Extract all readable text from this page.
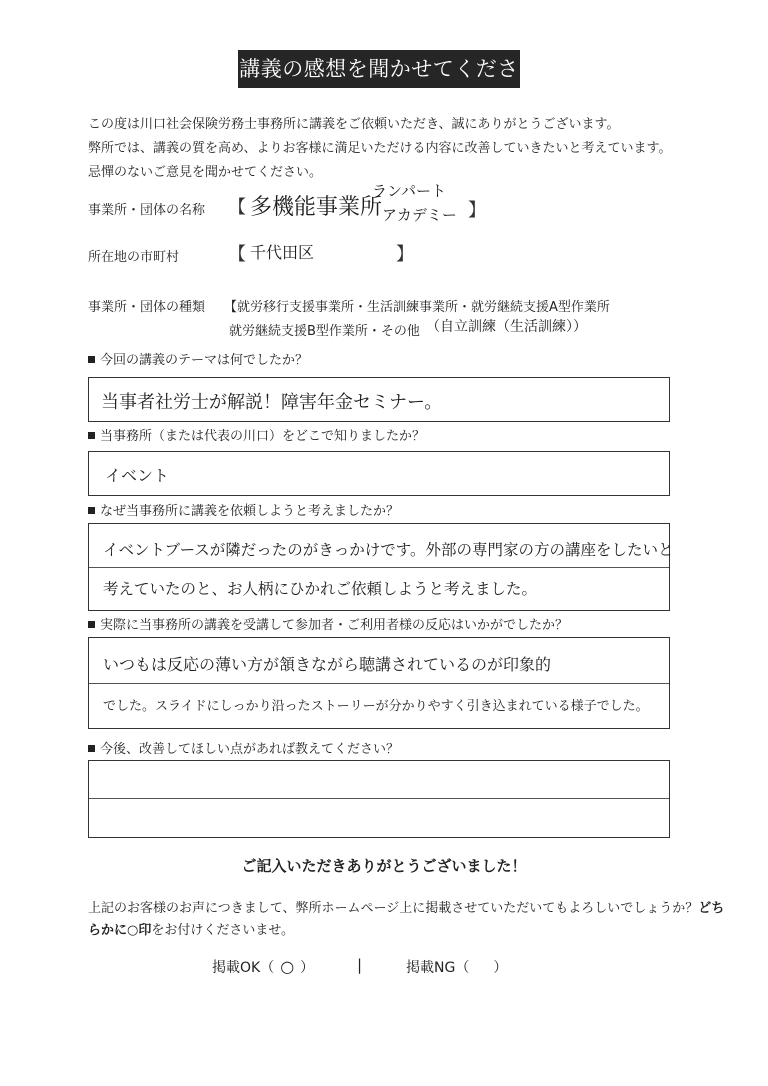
講義の感想を聞かせてください
この度は川口社会保険労務士事務所に講義をご依頼いただき、誠にありがとうございます。
弊所では、講義の質を高め、よりお客様に満足いただける内容に改善していきたいと考えています。
忌憚のないご意見を聞かせてください。
事業所・団体の名称 【 多機能事業所
ランパート
アカデミー 】
所在地の市町村	【 千代田区	】
事業所・団体の種類 【就労移行支援事業所・生活訓練事業所・就労継続支援A型作業所
就労継続支援B型作業所・その他 （自立訓練（生活訓練））
今回の講義のテーマは何でしたか？
当事者社労士が解説！障害年金セミナー。
当事務所（または代表の川口）をどこで知りましたか？
イベント
なぜ当事務所に講義を依頼しようと考えましたか？
イベントブースが隣だったのがきっかけです。外部の専門家の方の講座をしたいと
考えていたのと、お人柄にひかれご依頼しようと考えました。
実際に当事務所の講義を受講して参加者・ご利用者様の反応はいかがでしたか？
いつもは反応の薄い方が頷きながら聴講されているのが印象的
でした。スライドにしっかり沿ったストーリーが分かりやすく引き込まれている様子でした。
今後、改善してほしい点があれば教えてください？
ご記入いただきありがとうございました！
上記のお客様のお声につきまして、弊所ホームページ上に掲載させていただいてもよろしいでしょうか？どち
らかに○印をお付けくださいませ。
掲載OK（ ○ ）	|	掲載NG（ ）
